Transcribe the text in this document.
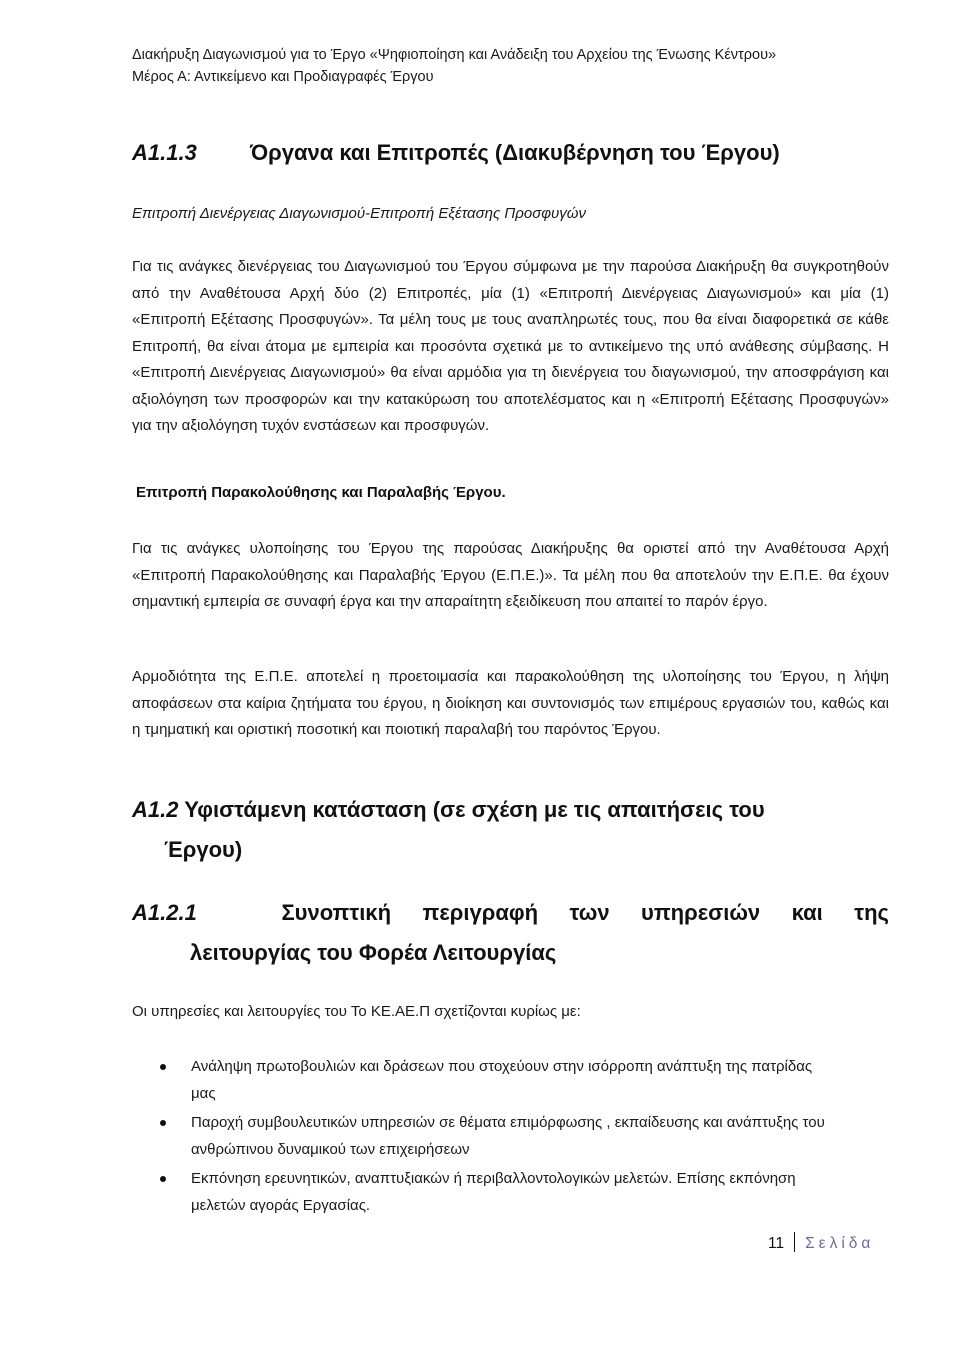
Διακήρυξη Διαγωνισμού για το Έργο «Ψηφιοποίηση και Ανάδειξη του Αρχείου της Ένωσης Κέντρου»
Μέρος Α: Αντικείμενο και Προδιαγραφές Έργου
Α1.1.3 Όργανα και Επιτροπές (Διακυβέρνηση του Έργου)
Επιτροπή Διενέργειας Διαγωνισμού-Επιτροπή Εξέτασης Προσφυγών

Για τις ανάγκες διενέργειας του Διαγωνισμού του Έργου σύμφωνα με την παρούσα Διακήρυξη θα συγκροτηθούν από την Αναθέτουσα Αρχή δύο (2) Επιτροπές, μία (1) «Επιτροπή Διενέργειας Διαγωνισμού» και μία (1) «Επιτροπή Εξέτασης Προσφυγών». Τα μέλη τους με τους αναπληρωτές τους, που θα είναι διαφορετικά σε κάθε Επιτροπή, θα είναι άτομα με εμπειρία και προσόντα σχετικά με το αντικείμενο της υπό ανάθεσης σύμβασης. Η «Επιτροπή Διενέργειας Διαγωνισμού» θα είναι αρμόδια για τη διενέργεια του διαγωνισμού, την αποσφράγιση και αξιολόγηση των προσφορών και την κατακύρωση του αποτελέσματος και η «Επιτροπή Εξέτασης Προσφυγών» για την αξιολόγηση τυχόν ενστάσεων και προσφυγών.

Επιτροπή Παρακολούθησης και Παραλαβής Έργου.

Για τις ανάγκες υλοποίησης του Έργου της παρούσας Διακήρυξης θα οριστεί από την Αναθέτουσα Αρχή «Επιτροπή Παρακολούθησης και Παραλαβής Έργου (Ε.Π.Ε.)». Τα μέλη που θα αποτελούν την Ε.Π.Ε. θα έχουν σημαντική εμπειρία σε συναφή έργα και την απαραίτητη εξειδίκευση που απαιτεί το παρόν έργο.

Αρμοδιότητα της Ε.Π.Ε. αποτελεί η προετοιμασία και παρακολούθηση της υλοποίησης του Έργου, η λήψη αποφάσεων στα καίρια ζητήματα του έργου, η διοίκηση και συντονισμός των επιμέρους εργασιών του, καθώς και η τμηματική και οριστική ποσοτική και ποιοτική παραλαβή του παρόντος Έργου.

Α1.2 Υφιστάμενη κατάσταση (σε σχέση με τις απαιτήσεις του
Έργου)
Α1.2.1	Συνοπτική περιγραφή των υπηρεσιών και της
λειτουργίας του Φορέα Λειτουργίας
Οι υπηρεσίες και λειτουργίες του Το ΚΕ.ΑΕ.Π σχετίζονται κυρίως με:
Ανάληψη πρωτοβουλιών και δράσεων που στοχεύουν στην ισόρροπη ανάπτυξη της πατρίδας μας
Παροχή συμβουλευτικών υπηρεσιών σε θέματα επιμόρφωσης , εκπαίδευσης και ανάπτυξης του ανθρώπινου δυναμικού των επιχειρήσεων
Εκπόνηση ερευνητικών, αναπτυξιακών ή περιβαλλοντολογικών μελετών. Επίσης εκπόνηση μελετών αγοράς Εργασίας.
11 Σελίδα
